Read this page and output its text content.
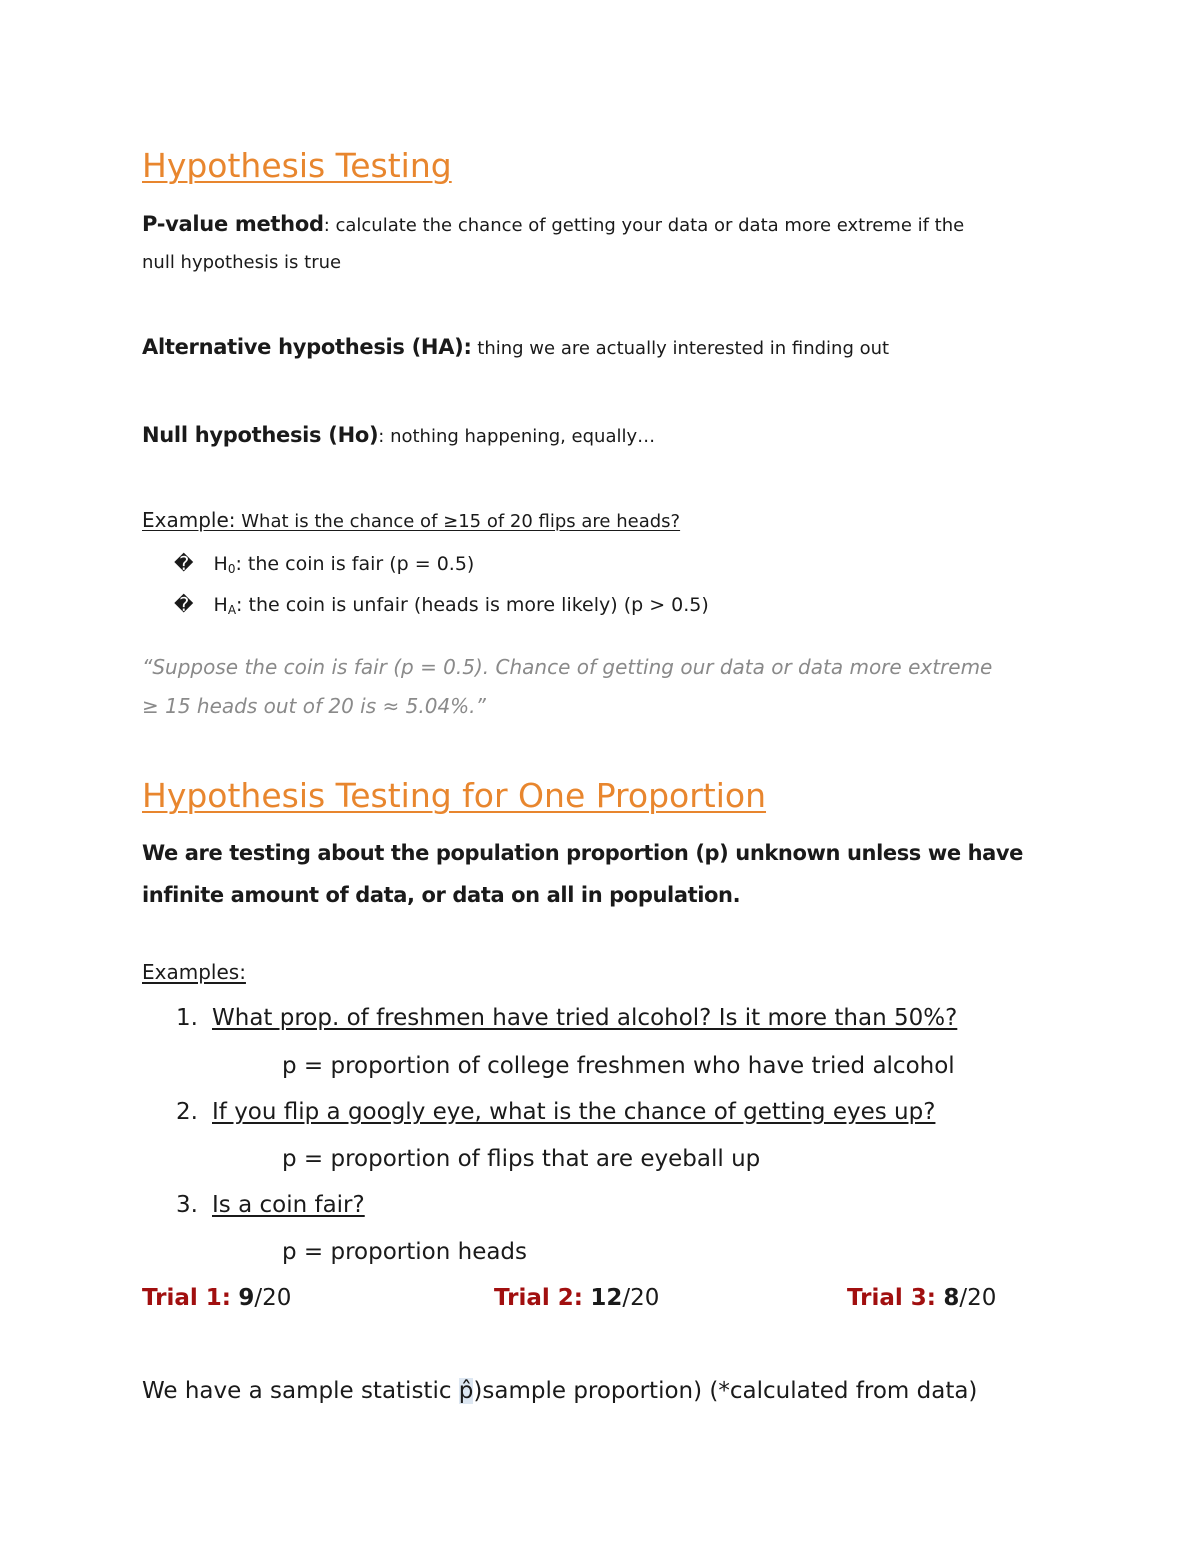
Hypothesis Testing
P-value method: calculate the chance of getting your data or data more extreme if the
null hypothesis is true
Alternative hypothesis (HA): thing we are actually interested in finding out
Null hypothesis (Ho): nothing happening, equally…
Example: What is the chance of ≥15 of 20 flips are heads?
� $H_0$: the coin is fair (p = 0.5)
� $H_A$: the coin is unfair (heads is more likely) (p > 0.5)
“Suppose the coin is fair (p = 0.5). Chance of getting our data or data more extreme
≥ 15 heads out of 20 is ≈ 5.04%.”
Hypothesis Testing for One Proportion
We are testing about the population proportion (p) unknown unless we have
infinite amount of data, or data on all in population.
Examples:
1. What prop. of freshmen have tried alcohol? Is it more than 50%?
p = proportion of college freshmen who have tried alcohol
2. If you flip a googly eye, what is the chance of getting eyes up?
p = proportion of flips that are eyeball up
3. Is a coin fair?
p = proportion heads
Trial 1: 9/20	Trial 2: 12/20	Trial 3: 8/20
We have a sample statistic p̂)sample proportion) (*calculated from data)
